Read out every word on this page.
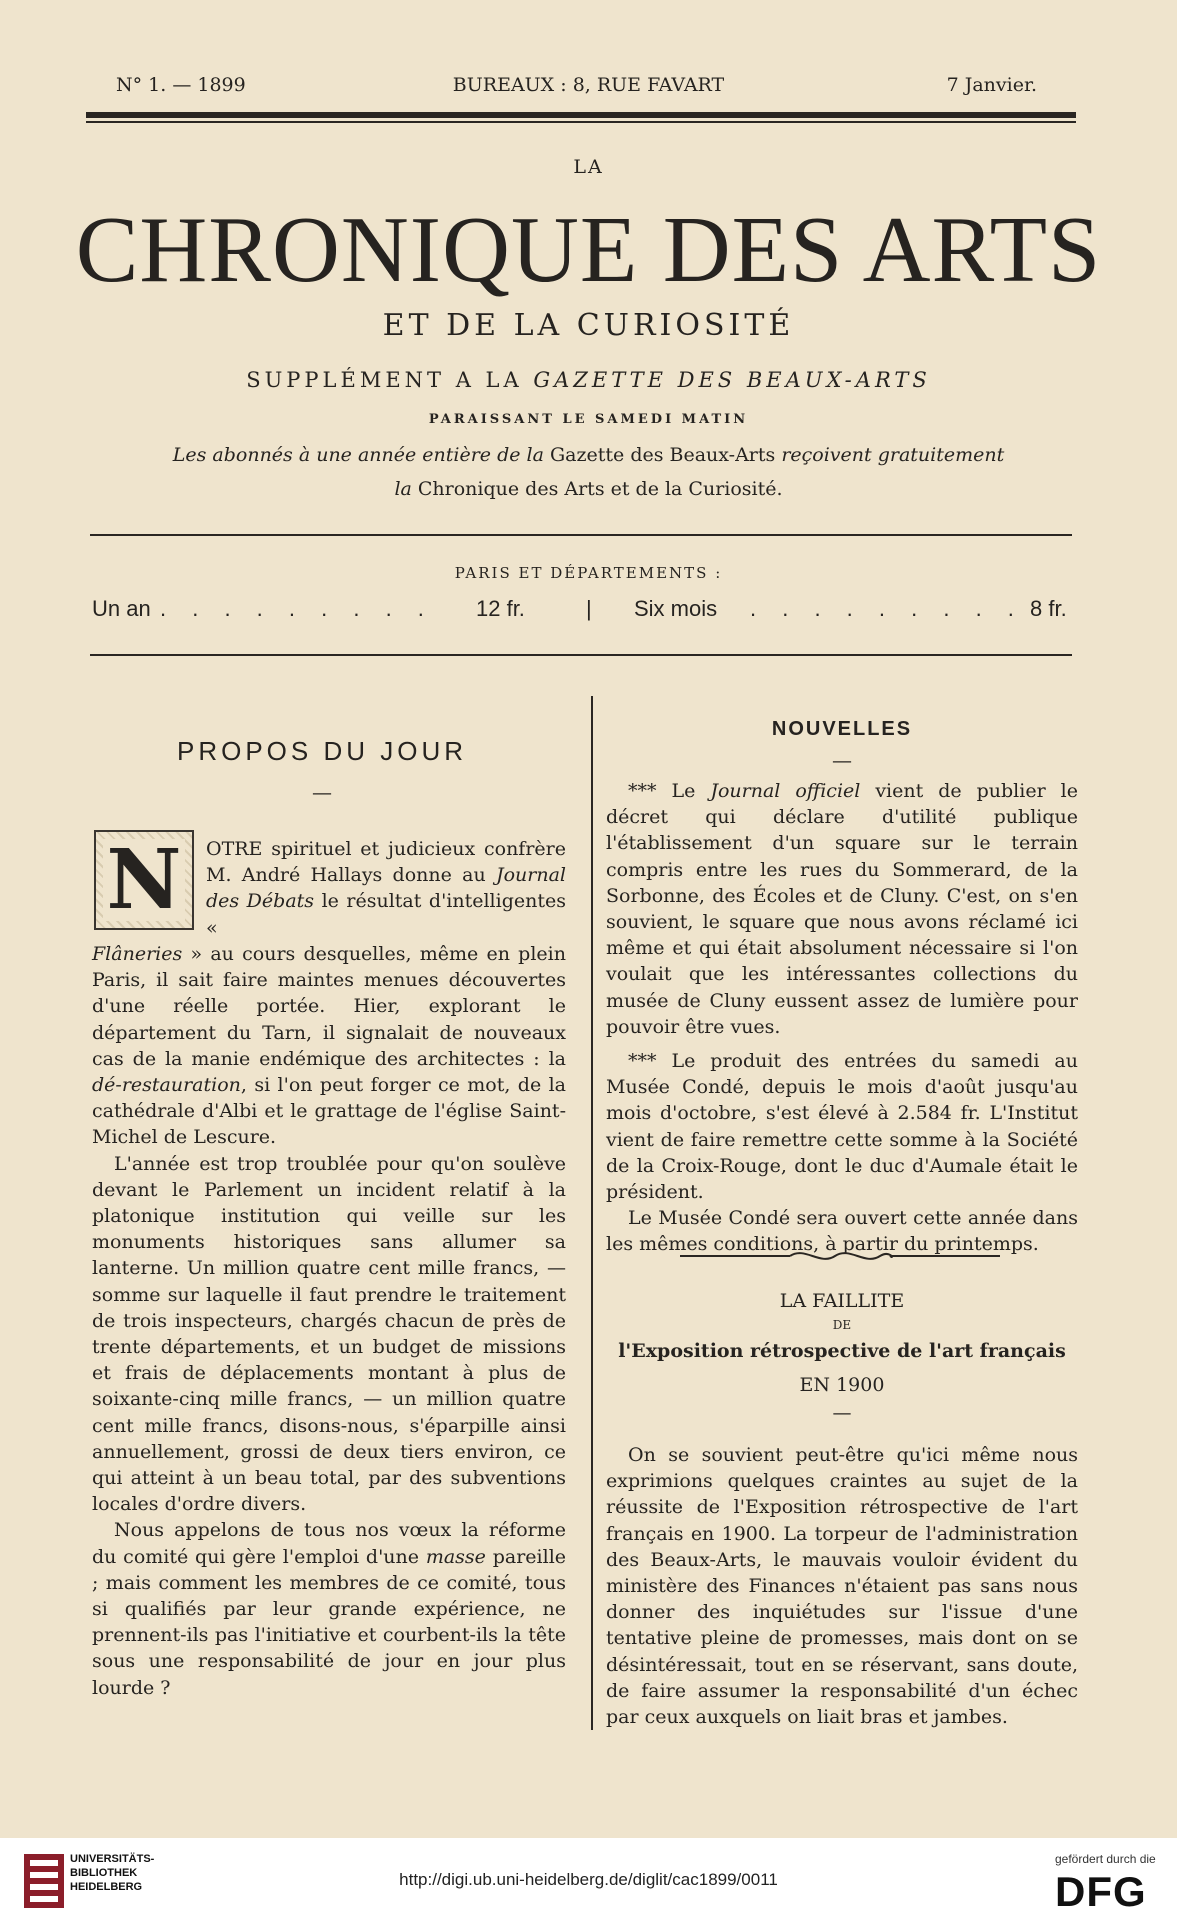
N° 1. — 1899	BUREAUX : 8, RUE FAVART	7 Janvier.
LA
CHRONIQUE DES ARTS
ET DE LA CURIOSITÉ
SUPPLÉMENT A LA GAZETTE DES BEAUX-ARTS
PARAISSANT LE SAMEDI MATIN
Les abonnés à une année entière de la Gazette des Beaux-Arts reçoivent gratuitement
la Chronique des Arts et de la Curiosité.
PARIS ET DÉPARTEMENTS :
Un an . . . . . . . . . 12 fr.	| Six mois . . . . . . . . . 8 fr.
PROPOS DU JOUR
—
N OTRE spirituel et judicieux confrère M. André Hallays donne au Journal des Débats le résultat d'intelligentes «

Flâneries » au cours desquelles, même en plein Paris, il sait faire maintes menues découvertes d'une réelle portée. Hier, explorant le département du Tarn, il signalait de nouveaux cas de la manie endémique des architectes : la dé-restauration, si l'on peut forger ce mot, de la cathédrale d'Albi et le grattage de l'église Saint-Michel de Lescure.

L'année est trop troublée pour qu'on soulève devant le Parlement un incident relatif à la platonique institution qui veille sur les monuments historiques sans allumer sa lanterne. Un million quatre cent mille francs, — somme sur laquelle il faut prendre le traitement de trois inspecteurs, chargés chacun de près de trente départements, et un budget de missions et frais de déplacements montant à plus de soixante-cinq mille francs, — un million quatre cent mille francs, disons-nous, s'éparpille ainsi annuellement, grossi de deux tiers environ, ce qui atteint à un beau total, par des subventions locales d'ordre divers.

Nous appelons de tous nos vœux la réforme du comité qui gère l'emploi d'une masse pareille ; mais comment les membres de ce comité, tous si qualifiés par leur grande expérience, ne prennent-ils pas l'initiative et courbent-ils la tête sous une responsabilité de jour en jour plus lourde ?

NOUVELLES
—

*** Le Journal officiel vient de publier le décret qui déclare d'utilité publique l'établissement d'un square sur le terrain compris entre les rues du Sommerard, de la Sorbonne, des Écoles et de Cluny. C'est, on s'en souvient, le square que nous avons réclamé ici même et qui était absolument nécessaire si l'on voulait que les intéressantes collections du musée de Cluny eussent assez de lumière pour pouvoir être vues.

*** Le produit des entrées du samedi au Musée Condé, depuis le mois d'août jusqu'au mois d'octobre, s'est élevé à 2.584 fr. L'Institut vient de faire remettre cette somme à la Société de la Croix-Rouge, dont le duc d'Aumale était le président.

Le Musée Condé sera ouvert cette année dans les mêmes conditions, à partir du printemps.

LA FAILLITE
DE
l'Exposition rétrospective de l'art français
EN 1900
—

On se souvient peut-être qu'ici même nous exprimions quelques craintes au sujet de la réussite de l'Exposition rétrospective de l'art français en 1900. La torpeur de l'administration des Beaux-Arts, le mauvais vouloir évident du ministère des Finances n'étaient pas sans nous donner des inquiétudes sur l'issue d'une tentative pleine de promesses, mais dont on se désintéressait, tout en se réservant, sans doute, de faire assumer la responsabilité d'un échec par ceux auxquels on liait bras et jambes.

UNIVERSITÄTS-
BIBLIOTHEK
HEIDELBERG	http://digi.ub.uni-heidelberg.de/diglit/cac1899/0011
gefördert durch die
DFG
